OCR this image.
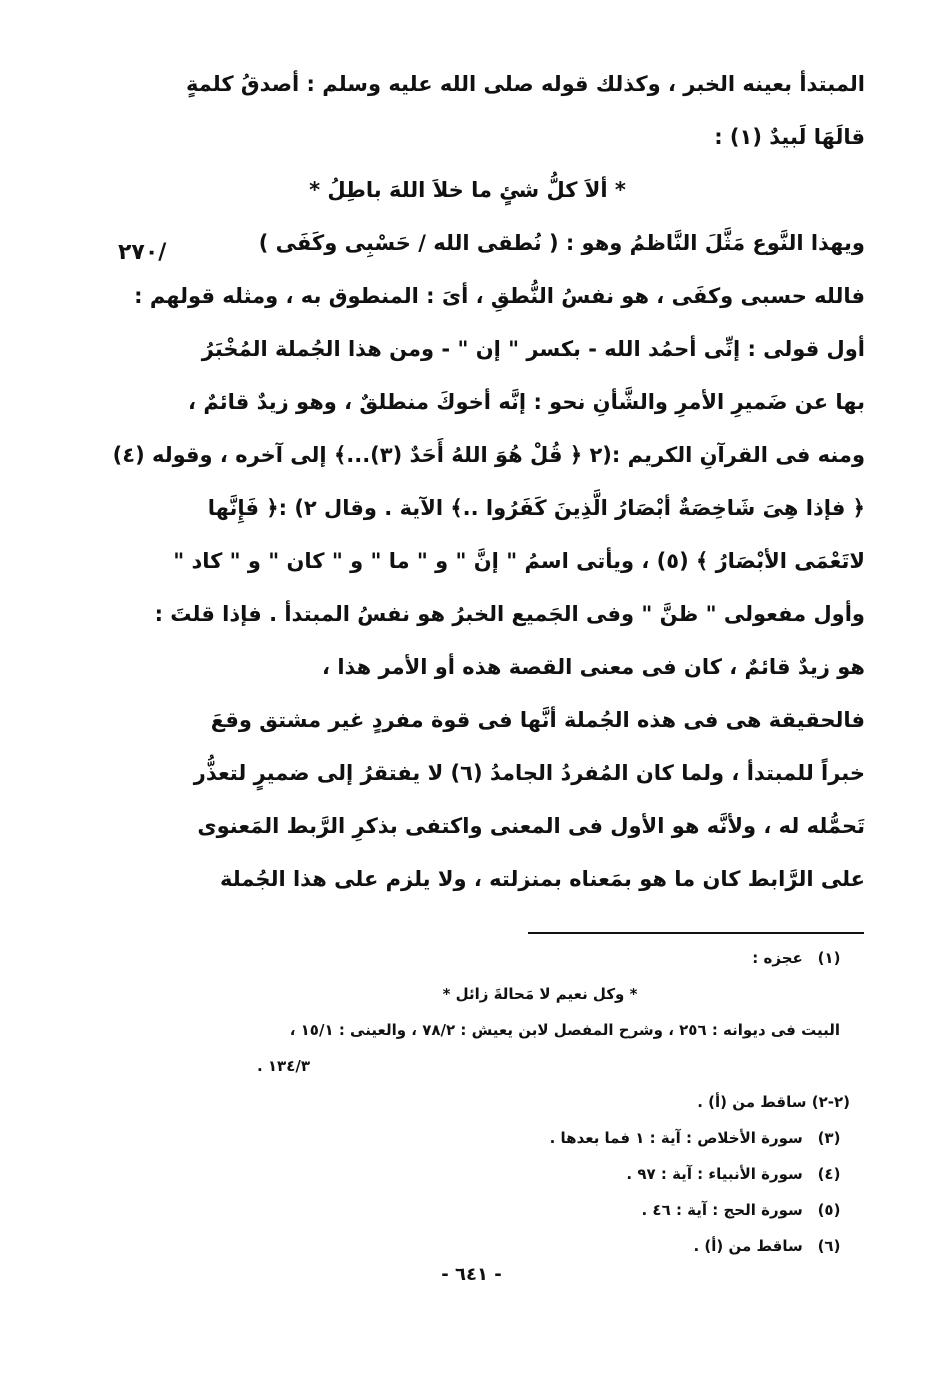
المبتدأ بعينه الخبر ، وكذلك قوله صلى الله عليه وسلم : أصدقُ كلمةٍ
قالَهَا لَبيدٌ (١) :
* ألاَ كلُّ شئٍ ما خلاَ اللهَ باطِلُ *
ويهذا النَّوع مَثَّلَ النَّاظمُ وهو : ( نُطقى الله / حَسْبِى وكَفَى )
فالله حسبى وكفَى ، هو نفسُ النُّطقِ ، أىَ : المنطوق به ، ومثله قولهم :
أول قولى : إنِّى أحمُد الله - بكسر " إن " - ومن هذا الجُملة المُخْبَرُ
بها عن ضَميرِ الأمرِ والشَّأنِ نحو : إنَّه أخوكَ منطلقٌ ، وهو زيدٌ قائمٌ ،
ومنه فى القرآنِ الكريم :(٢ ﴿ قُلْ هُوَ اللهُ أَحَدٌ (٣)...﴾ إلى آخره ، وقوله (٤)
﴿ فإذا هِىَ شَاخِصَةٌ أبْصَارُ الَّذِينَ كَفَرُوا ..﴾ الآية . وقال ٢) :﴿ فَإِنَّها
لاتَعْمَى الأبْصَارُ ﴾ (٥) ، ويأتى اسمُ " إنَّ " و " ما " و " كان " و " كاد "
وأول مفعولى " ظنَّ " وفى الجَميع الخبرُ هو نفسُ المبتدأ . فإذا قلتَ :
هو زيدٌ قائمٌ ، كان فى معنى القصة هذه أو الأمر هذا ،
فالحقيقة هى فى هذه الجُملة أنَّها فى قوة مفردٍ غير مشتق وقعَ
خبراً للمبتدأ ، ولما كان المُفردُ الجامدُ (٦) لا يفتقرُ إلى ضميرٍ لتعذُّر
تَحمُّله له ، ولأنَّه هو الأول فى المعنى واكتفى بذكرِ الرَّبط المَعنوى
على الرَّابط كان ما هو بمَعناه بمنزلته ، ولا يلزم على هذا الجُملة
٢٧٠/
(١) عجزه :
* وكل نعيم لا مَحالةَ زائل *
البيت فى ديوانه : ٢٥٦ ، وشرح المفصل لابن يعيش : ٧٨/٢ ، والعينى : ١٥/١ ،
١٣٤/٣ .
(٢-٢) ساقط من (أ) .
(٣) سورة الأخلاص : آية : ١ فما بعدها .
(٤) سورة الأنبياء : آية : ٩٧ .
(٥) سورة الحج : آية : ٤٦ .
(٦) ساقط من (أ) .
- ٦٤١ -
